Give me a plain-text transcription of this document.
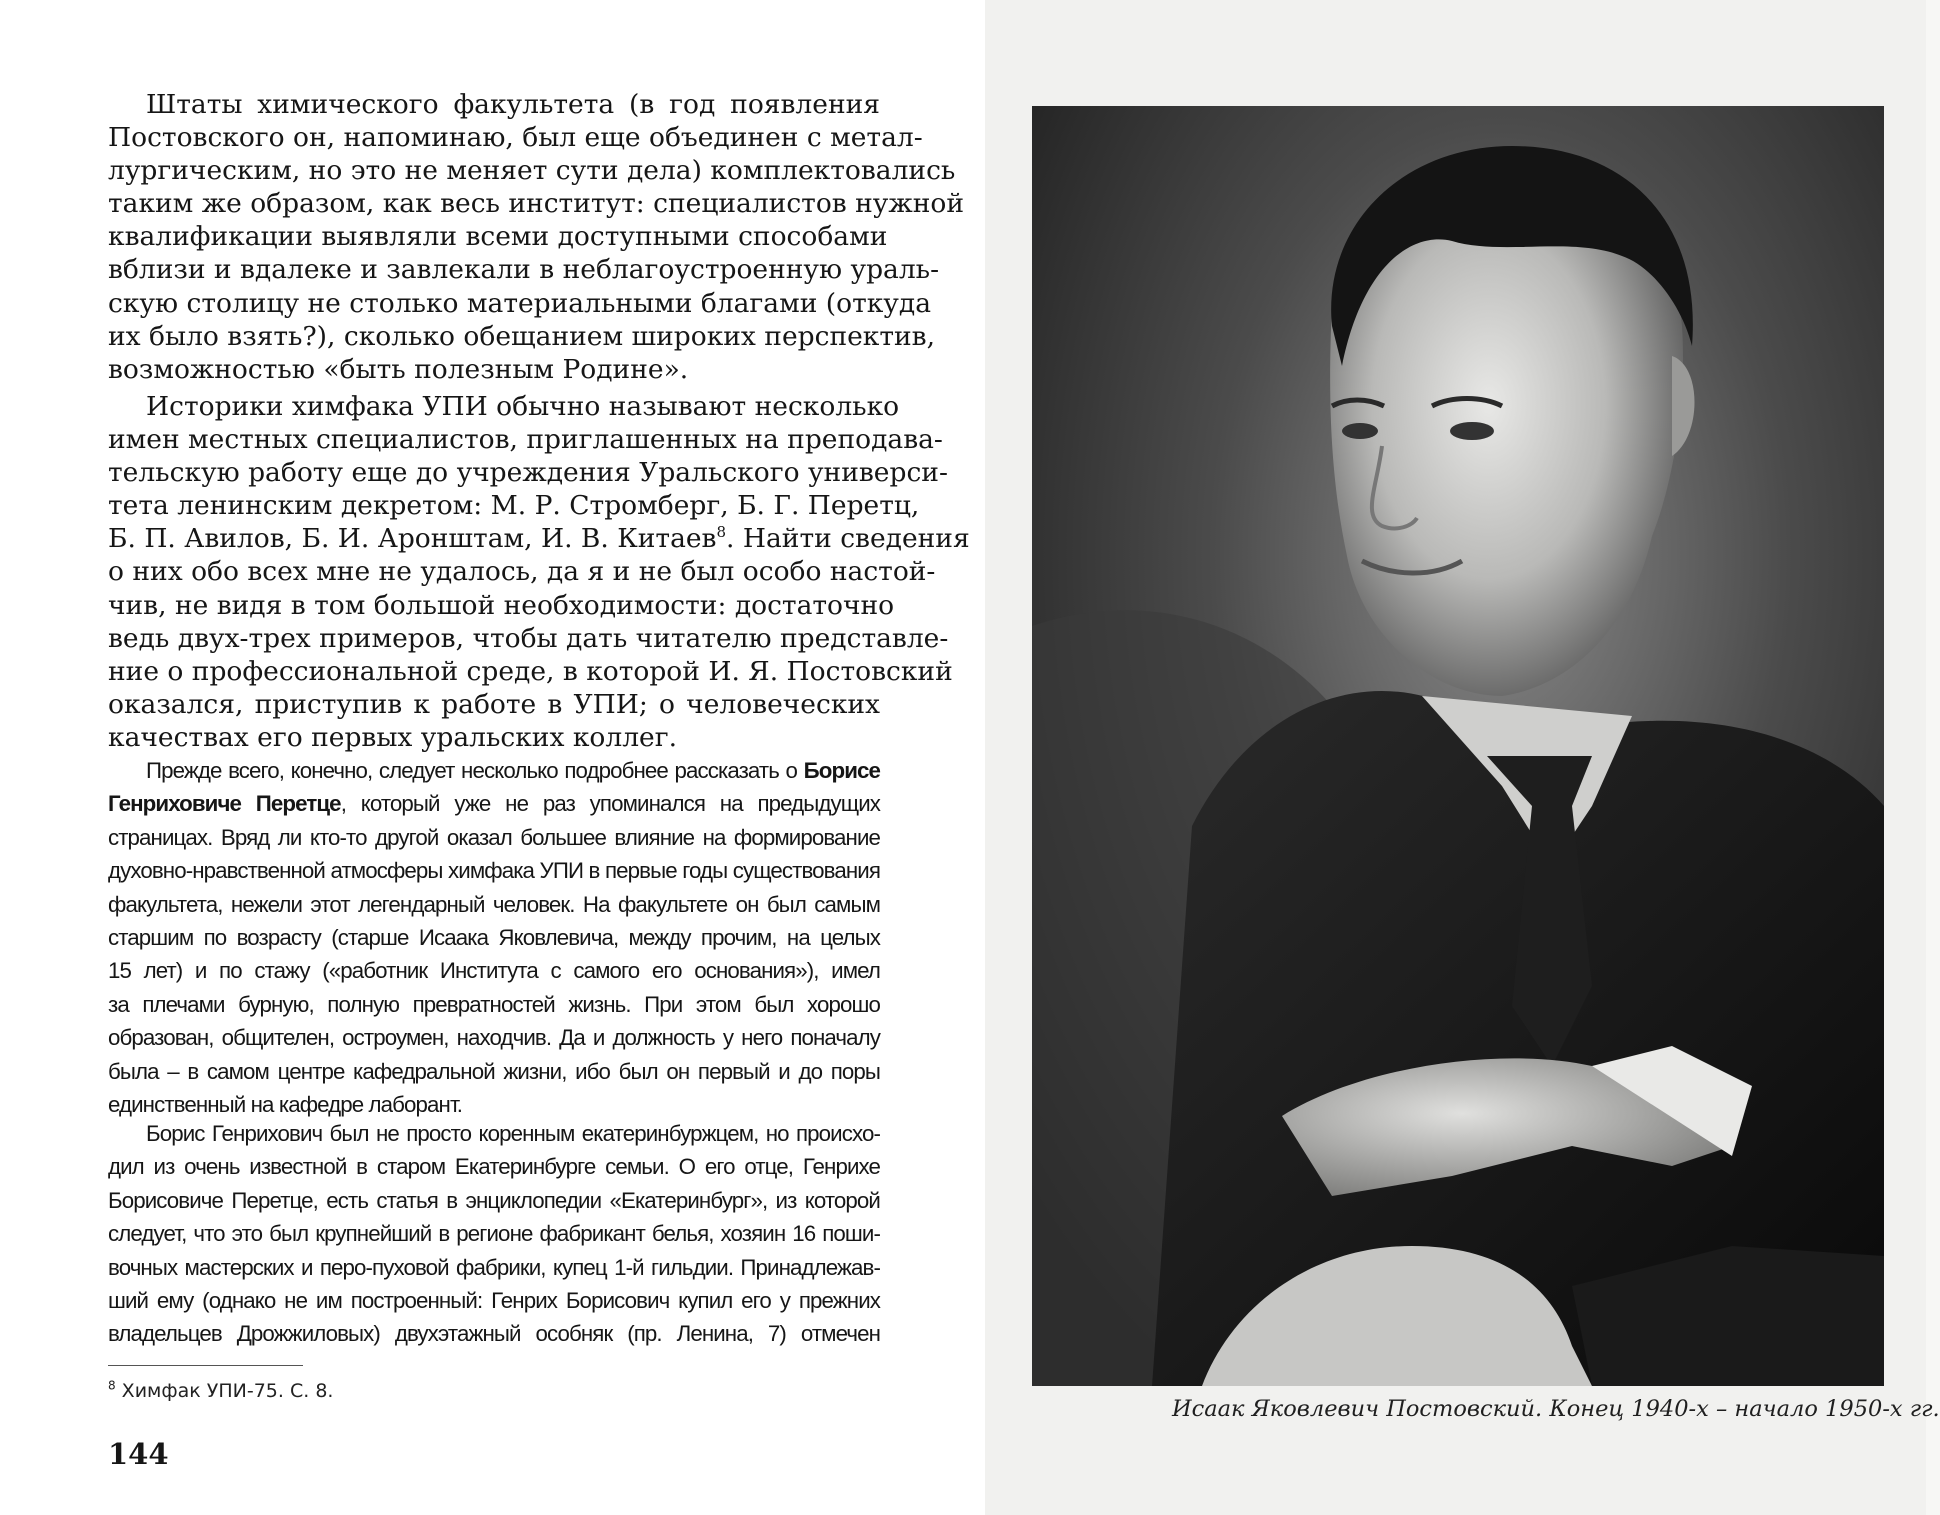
Штаты химического факультета (в год появления
Постовского он, напоминаю, был еще объединен с метал-
лургическим, но это не меняет сути дела) комплектовались
таким же образом, как весь институт: специалистов нужной
квалификации выявляли всеми доступными способами
вблизи и вдалеке и завлекали в неблагоустроенную ураль-
скую столицу не столько материальными благами (откуда
их было взять?), сколько обещанием широких перспектив,
возможностью «быть полезным Родине».

Историки химфака УПИ обычно называют несколько
имен местных специалистов, приглашенных на преподава-
тельскую работу еще до учреждения Уральского универси-
тета ленинским декретом: М. Р. Стромберг, Б. Г. Перетц,
Б. П. Авилов, Б. И. Аронштам, И. В. Китаев$^8$. Найти сведения
о них обо всех мне не удалось, да я и не был особо настой-
чив, не видя в том большой необходимости: достаточно
ведь двух-трех примеров, чтобы дать читателю представле-
ние о профессиональной среде, в которой И. Я. Постовский
оказался, приступив к работе в УПИ; о человеческих
качествах его первых уральских коллег.

Прежде всего, конечно, следует несколько подробнее рассказать о Борисе
Генриховиче Перетце, который уже не раз упоминался на предыдущих
страницах. Вряд ли кто-то другой оказал большее влияние на формирование
духовно-нравственной атмосферы химфака УПИ в первые годы существования
факультета, нежели этот легендарный человек. На факультете он был самым
старшим по возрасту (старше Исаака Яковлевича, между прочим, на целых
15 лет) и по стажу («работник Института с самого его основания»), имел
за плечами бурную, полную превратностей жизнь. При этом был хорошо
образован, общителен, остроумен, находчив. Да и должность у него поначалу
была – в самом центре кафедральной жизни, ибо был он первый и до поры
единственный на кафедре лаборант.
Борис Генрихович был не просто коренным екатеринбуржцем, но происхо-
дил из очень известной в старом Екатеринбурге семьи. О его отце, Генрихе
Борисовиче Перетце, есть статья в энциклопедии «Екатеринбург», из которой
следует, что это был крупнейший в регионе фабрикант белья, хозяин 16 поши-
вочных мастерских и перо-пуховой фабрики, купец 1-й гильдии. Принадлежав-
ший ему (однако не им построенный: Генрих Борисович купил его у прежних
владельцев Дрожжиловых) двухэтажный особняк (пр. Ленина, 7) отмечен
$^8$ Химфак УПИ-75. С. 8.
144
Исаак Яковлевич Постовский. Конец 1940-х – начало 1950-х гг.
